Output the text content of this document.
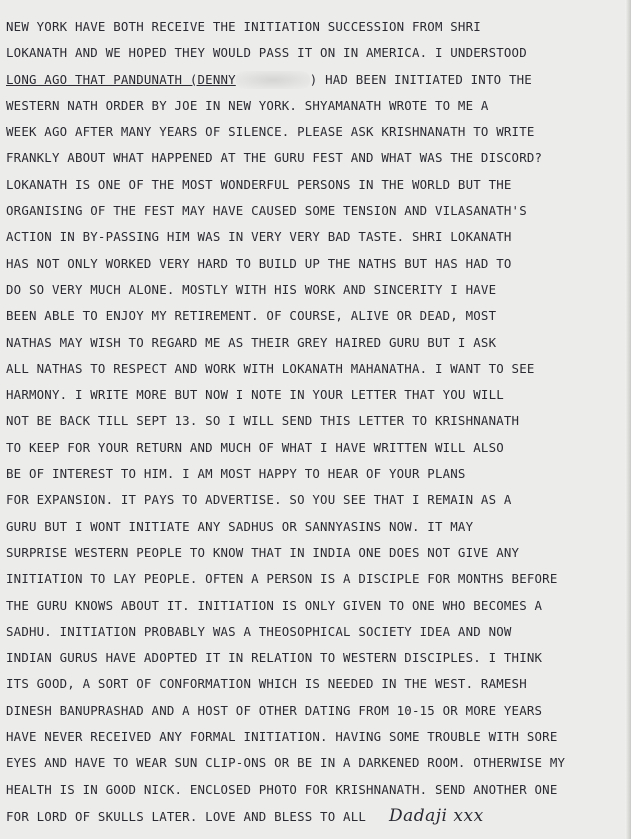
NEW YORK HAVE BOTH RECEIVE THE INITIATION SUCCESSION FROM SHRI
LOKANATH AND WE HOPED THEY WOULD PASS IT ON IN AMERICA. I UNDERSTOOD
LONG AGO THAT PANDUNATH (DENNY	) HAD BEEN INITIATED INTO THE
WESTERN NATH ORDER BY JOE IN NEW YORK. SHYAMANATH WROTE TO ME A
WEEK AGO AFTER MANY YEARS OF SILENCE. PLEASE ASK KRISHNANATH TO WRITE
FRANKLY ABOUT WHAT HAPPENED AT THE GURU FEST AND WHAT WAS THE DISCORD?
LOKANATH IS ONE OF THE MOST WONDERFUL PERSONS IN THE WORLD BUT THE
ORGANISING OF THE FEST MAY HAVE CAUSED SOME TENSION AND VILASANATH'S
ACTION IN BY-PASSING HIM WAS IN VERY VERY BAD TASTE. SHRI LOKANATH
HAS NOT ONLY WORKED VERY HARD TO BUILD UP THE NATHS BUT HAS HAD TO
DO SO VERY MUCH ALONE. MOSTLY WITH HIS WORK AND SINCERITY I HAVE
BEEN ABLE TO ENJOY MY RETIREMENT. OF COURSE, ALIVE OR DEAD, MOST
NATHAS MAY WISH TO REGARD ME AS THEIR GREY HAIRED GURU BUT I ASK
ALL NATHAS TO RESPECT AND WORK WITH LOKANATH MAHANATHA. I WANT TO SEE
HARMONY. I WRITE MORE BUT NOW I NOTE IN YOUR LETTER THAT YOU WILL
NOT BE BACK TILL SEPT 13. SO I WILL SEND THIS LETTER TO KRISHNANATH
TO KEEP FOR YOUR RETURN AND MUCH OF WHAT I HAVE WRITTEN WILL ALSO
BE OF INTEREST TO HIM. I AM MOST HAPPY TO HEAR OF YOUR PLANS
FOR EXPANSION. IT PAYS TO ADVERTISE. SO YOU SEE THAT I REMAIN AS A
GURU BUT I WONT INITIATE ANY SADHUS OR SANNYASINS NOW. IT MAY
SURPRISE WESTERN PEOPLE TO KNOW THAT IN INDIA ONE DOES NOT GIVE ANY
INITIATION TO LAY PEOPLE. OFTEN A PERSON IS A DISCIPLE FOR MONTHS BEFORE
THE GURU KNOWS ABOUT IT. INITIATION IS ONLY GIVEN TO ONE WHO BECOMES A
SADHU. INITIATION PROBABLY WAS A THEOSOPHICAL SOCIETY IDEA AND NOW
INDIAN GURUS HAVE ADOPTED IT IN RELATION TO WESTERN DISCIPLES. I THINK
ITS GOOD, A SORT OF CONFORMATION WHICH IS NEEDED IN THE WEST. RAMESH
DINESH BANUPRASHAD AND A HOST OF OTHER DATING FROM 10-15 OR MORE YEARS
HAVE NEVER RECEIVED ANY FORMAL INITIATION. HAVING SOME TROUBLE WITH SORE
EYES AND HAVE TO WEAR SUN CLIP-ONS OR BE IN A DARKENED ROOM. OTHERWISE MY
HEALTH IS IN GOOD NICK. ENCLOSED PHOTO FOR KRISHNANATH. SEND ANOTHER ONE
FOR LORD OF SKULLS LATER. LOVE AND BLESS TO ALL Dadaji xxx
